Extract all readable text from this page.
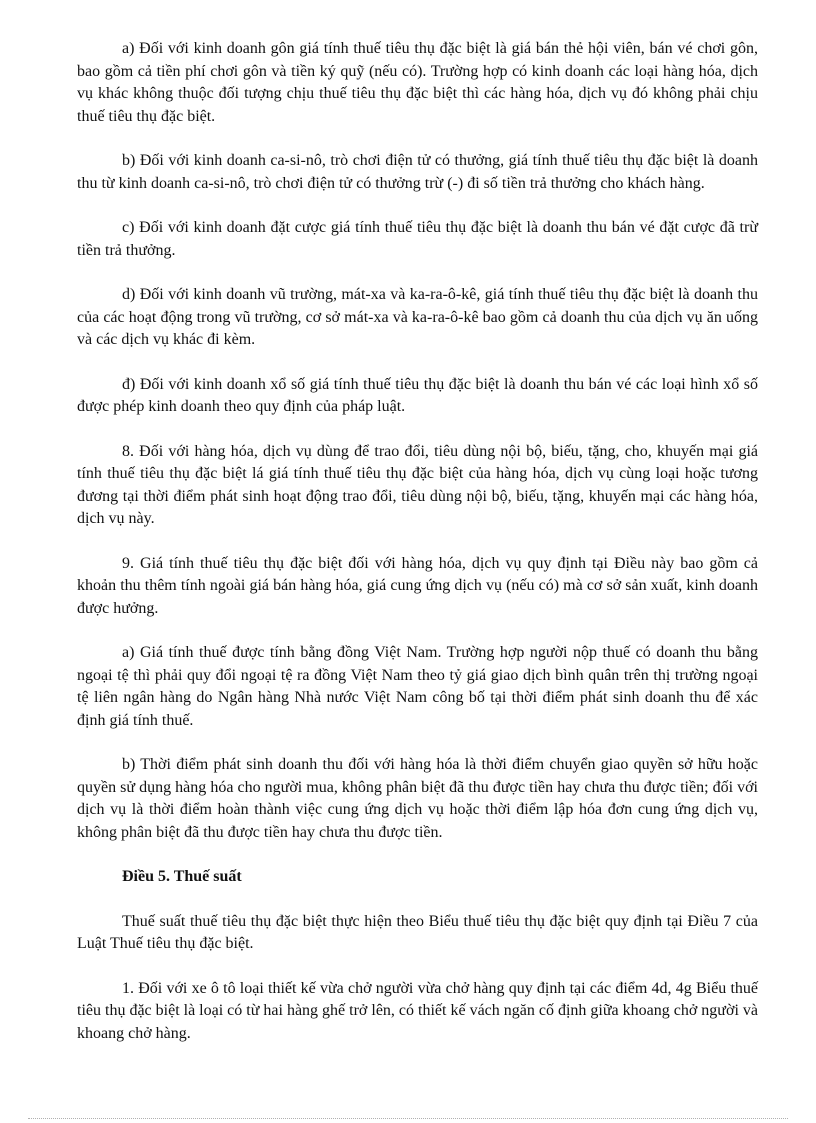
a) Đối với kinh doanh gôn giá tính thuế tiêu thụ đặc biệt là giá bán thẻ hội viên, bán vé chơi gôn, bao gồm cả tiền phí chơi gôn và tiền ký quỹ (nếu có). Trường hợp có kinh doanh các loại hàng hóa, dịch vụ khác không thuộc đối tượng chịu thuế tiêu thụ đặc biệt thì các hàng hóa, dịch vụ đó không phải chịu thuế tiêu thụ đặc biệt.

b) Đối với kinh doanh ca-si-nô, trò chơi điện tử có thưởng, giá tính thuế tiêu thụ đặc biệt là doanh thu từ kinh doanh ca-si-nô, trò chơi điện tử có thưởng trừ (-) đi số tiền trả thưởng cho khách hàng.

c) Đối với kinh doanh đặt cược giá tính thuế tiêu thụ đặc biệt là doanh thu bán vé đặt cược đã trừ tiền trả thưởng.

d) Đối với kinh doanh vũ trường, mát-xa và ka-ra-ô-kê, giá tính thuế tiêu thụ đặc biệt là doanh thu của các hoạt động trong vũ trường, cơ sở mát-xa và ka-ra-ô-kê bao gồm cả doanh thu của dịch vụ ăn uống và các dịch vụ khác đi kèm.

đ) Đối với kinh doanh xổ số giá tính thuế tiêu thụ đặc biệt là doanh thu bán vé các loại hình xổ số được phép kinh doanh theo quy định của pháp luật.

8. Đối với hàng hóa, dịch vụ dùng để trao đổi, tiêu dùng nội bộ, biếu, tặng, cho, khuyến mại giá tính thuế tiêu thụ đặc biệt lá giá tính thuế tiêu thụ đặc biệt của hàng hóa, dịch vụ cùng loại hoặc tương đương tại thời điểm phát sinh hoạt động trao đổi, tiêu dùng nội bộ, biếu, tặng, khuyến mại các hàng hóa, dịch vụ này.

9. Giá tính thuế tiêu thụ đặc biệt đối với hàng hóa, dịch vụ quy định tại Điều này bao gồm cả khoản thu thêm tính ngoài giá bán hàng hóa, giá cung ứng dịch vụ (nếu có) mà cơ sở sản xuất, kinh doanh được hưởng.

a) Giá tính thuế được tính bằng đồng Việt Nam. Trường hợp người nộp thuế có doanh thu bằng ngoại tệ thì phải quy đổi ngoại tệ ra đồng Việt Nam theo tỷ giá giao dịch bình quân trên thị trường ngoại tệ liên ngân hàng do Ngân hàng Nhà nước Việt Nam công bố tại thời điểm phát sinh doanh thu để xác định giá tính thuế.

b) Thời điểm phát sinh doanh thu đối với hàng hóa là thời điểm chuyển giao quyền sở hữu hoặc quyền sử dụng hàng hóa cho người mua, không phân biệt đã thu được tiền hay chưa thu được tiền; đối với dịch vụ là thời điểm hoàn thành việc cung ứng dịch vụ hoặc thời điểm lập hóa đơn cung ứng dịch vụ, không phân biệt đã thu được tiền hay chưa thu được tiền.

Điều 5. Thuế suất

Thuế suất thuế tiêu thụ đặc biệt thực hiện theo Biểu thuế tiêu thụ đặc biệt quy định tại Điều 7 của Luật Thuế tiêu thụ đặc biệt.

1. Đối với xe ô tô loại thiết kế vừa chở người vừa chở hàng quy định tại các điểm 4d, 4g Biểu thuế tiêu thụ đặc biệt là loại có từ hai hàng ghế trở lên, có thiết kế vách ngăn cố định giữa khoang chở người và khoang chở hàng.
